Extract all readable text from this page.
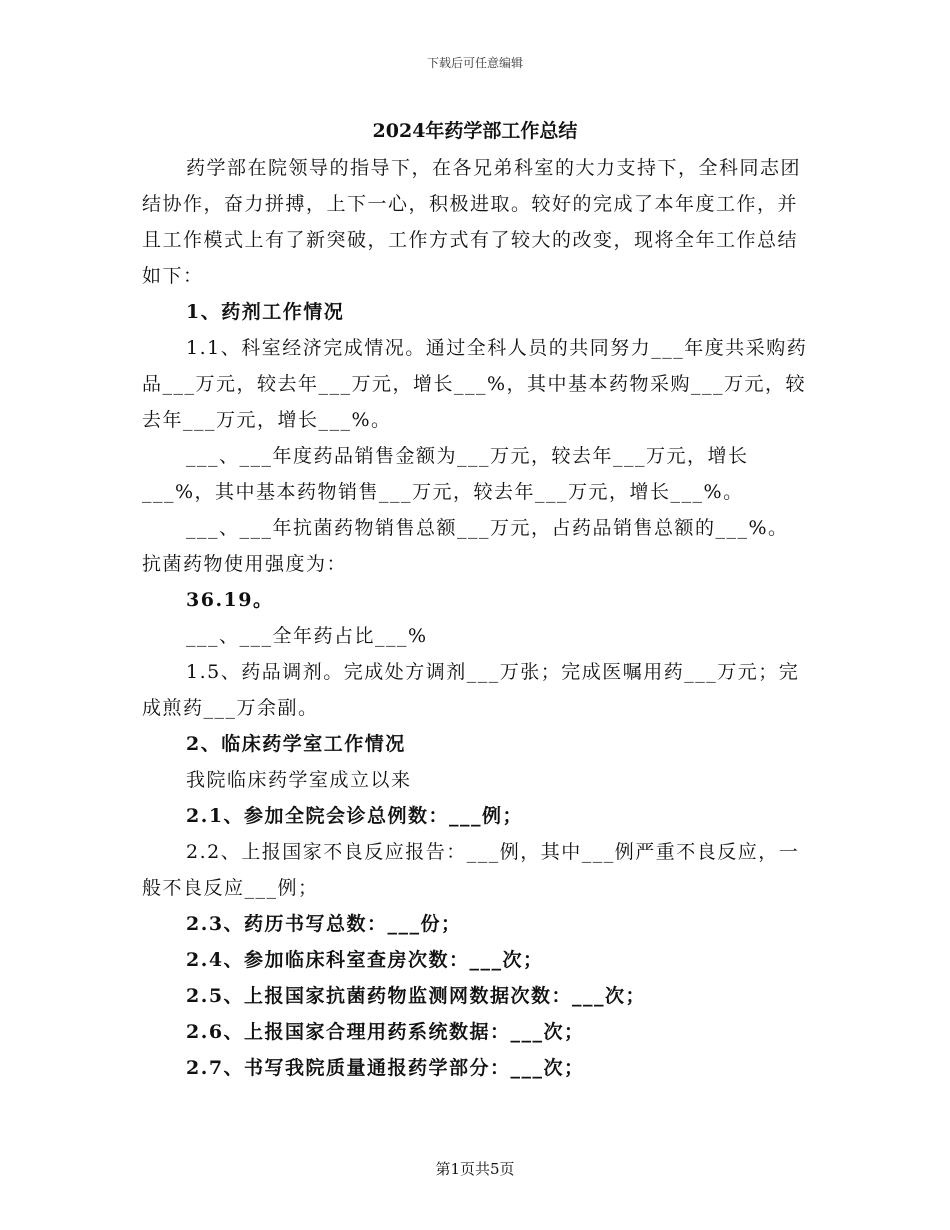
下载后可任意编辑
2024年药学部工作总结

药学部在院领导的指导下，在各兄弟科室的大力支持下，全科同志团结协作，奋力拼搏，上下一心，积极进取。较好的完成了本年度工作，并且工作模式上有了新突破，工作方式有了较大的改变，现将全年工作总结如下：

1、药剂工作情况

1.1、科室经济完成情况。通过全科人员的共同努力___年度共采购药品___万元，较去年___万元，增长___%，其中基本药物采购___万元，较去年___万元，增长___%。

___、___年度药品销售金额为___万元，较去年___万元，增长___%，其中基本药物销售___万元，较去年___万元，增长___%。

___、___年抗菌药物销售总额___万元，占药品销售总额的___%。抗菌药物使用强度为：

36.19。

___、___全年药占比___%

1.5、药品调剂。完成处方调剂___万张；完成医嘱用药___万元；完成煎药___万余副。

2、临床药学室工作情况

我院临床药学室成立以来

2.1、参加全院会诊总例数：___例；

2.2、上报国家不良反应报告：___例，其中___例严重不良反应，一般不良反应___例；

2.3、药历书写总数：___份；

2.4、参加临床科室查房次数：___次；

2.5、上报国家抗菌药物监测网数据次数：___次；

2.6、上报国家合理用药系统数据：___次；

2.7、书写我院质量通报药学部分：___次；

第1页共5页
